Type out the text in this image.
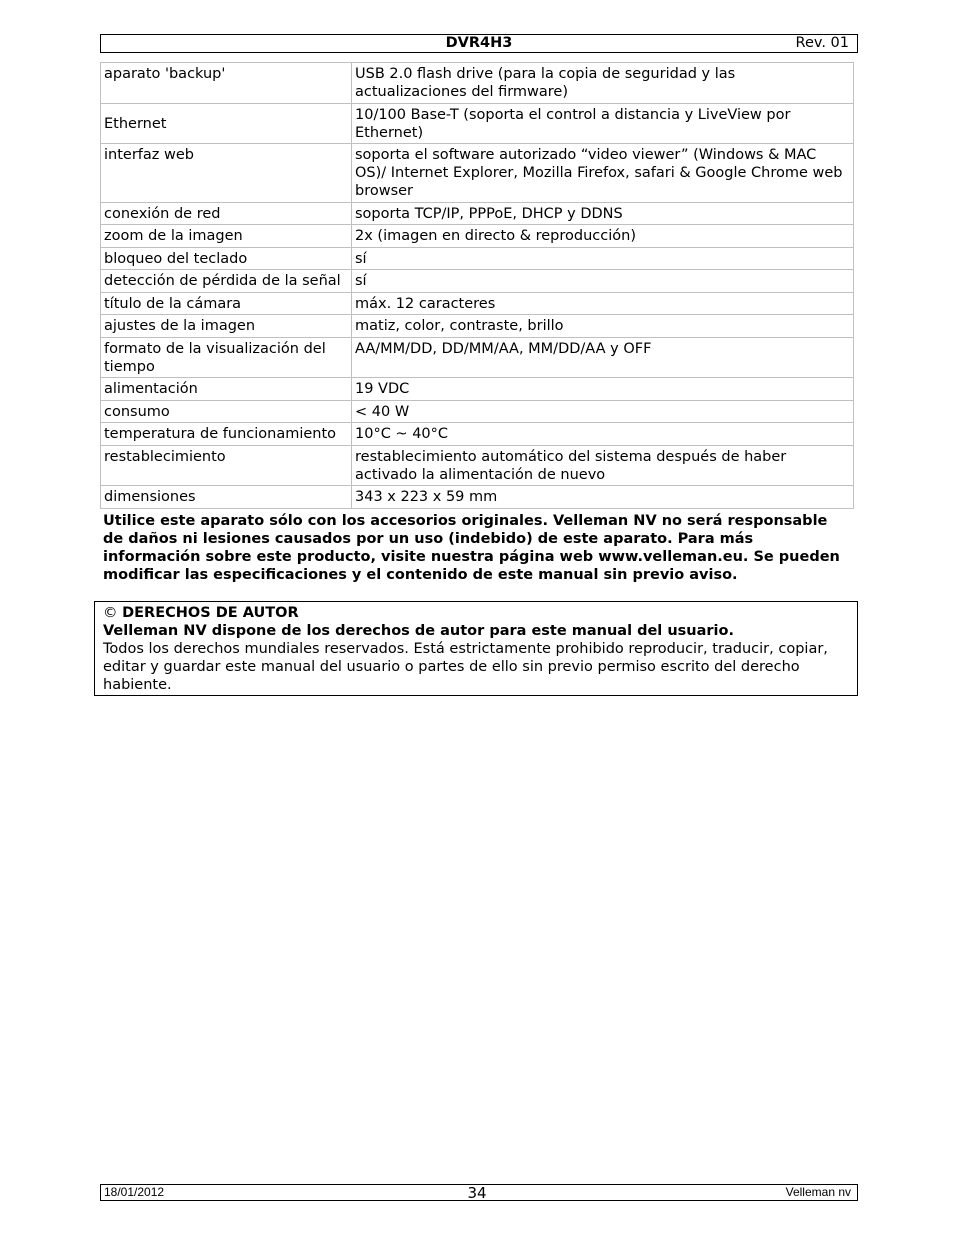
DVR4H3	Rev. 01
aparato 'backup'	USB 2.0 flash drive (para la copia de seguridad y las actualizaciones del firmware)
Ethernet	10/100 Base-T (soporta el control a distancia y LiveView por Ethernet)
interfaz web	soporta el software autorizado “video viewer” (Windows & MAC OS)/ Internet Explorer, Mozilla Firefox, safari & Google Chrome web browser
conexión de red	soporta TCP/IP, PPPoE, DHCP y DDNS
zoom de la imagen	2x (imagen en directo & reproducción)
bloqueo del teclado	sí
detección de pérdida de la señal	sí
título de la cámara	máx. 12 caracteres
ajustes de la imagen	matiz, color, contraste, brillo
formato de la visualización del tiempo	AA/MM/DD, DD/MM/AA, MM/DD/AA y OFF
alimentación	19 VDC
consumo	< 40 W
temperatura de funcionamiento	10°C ~ 40°C
restablecimiento	restablecimiento automático del sistema después de haber activado la alimentación de nuevo
dimensiones	343 x 223 x 59 mm
Utilice este aparato sólo con los accesorios originales. Velleman NV no será responsable
de daños ni lesiones causados por un uso (indebido) de este aparato. Para más
información sobre este producto, visite nuestra página web www.velleman.eu. Se pueden
modificar las especificaciones y el contenido de este manual sin previo aviso.
© DERECHOS DE AUTOR
Velleman NV dispone de los derechos de autor para este manual del usuario.
Todos los derechos mundiales reservados. Está estrictamente prohibido reproducir, traducir, copiar,
editar y guardar este manual del usuario o partes de ello sin previo permiso escrito del derecho
habiente.
18/01/2012	34	Velleman nv
